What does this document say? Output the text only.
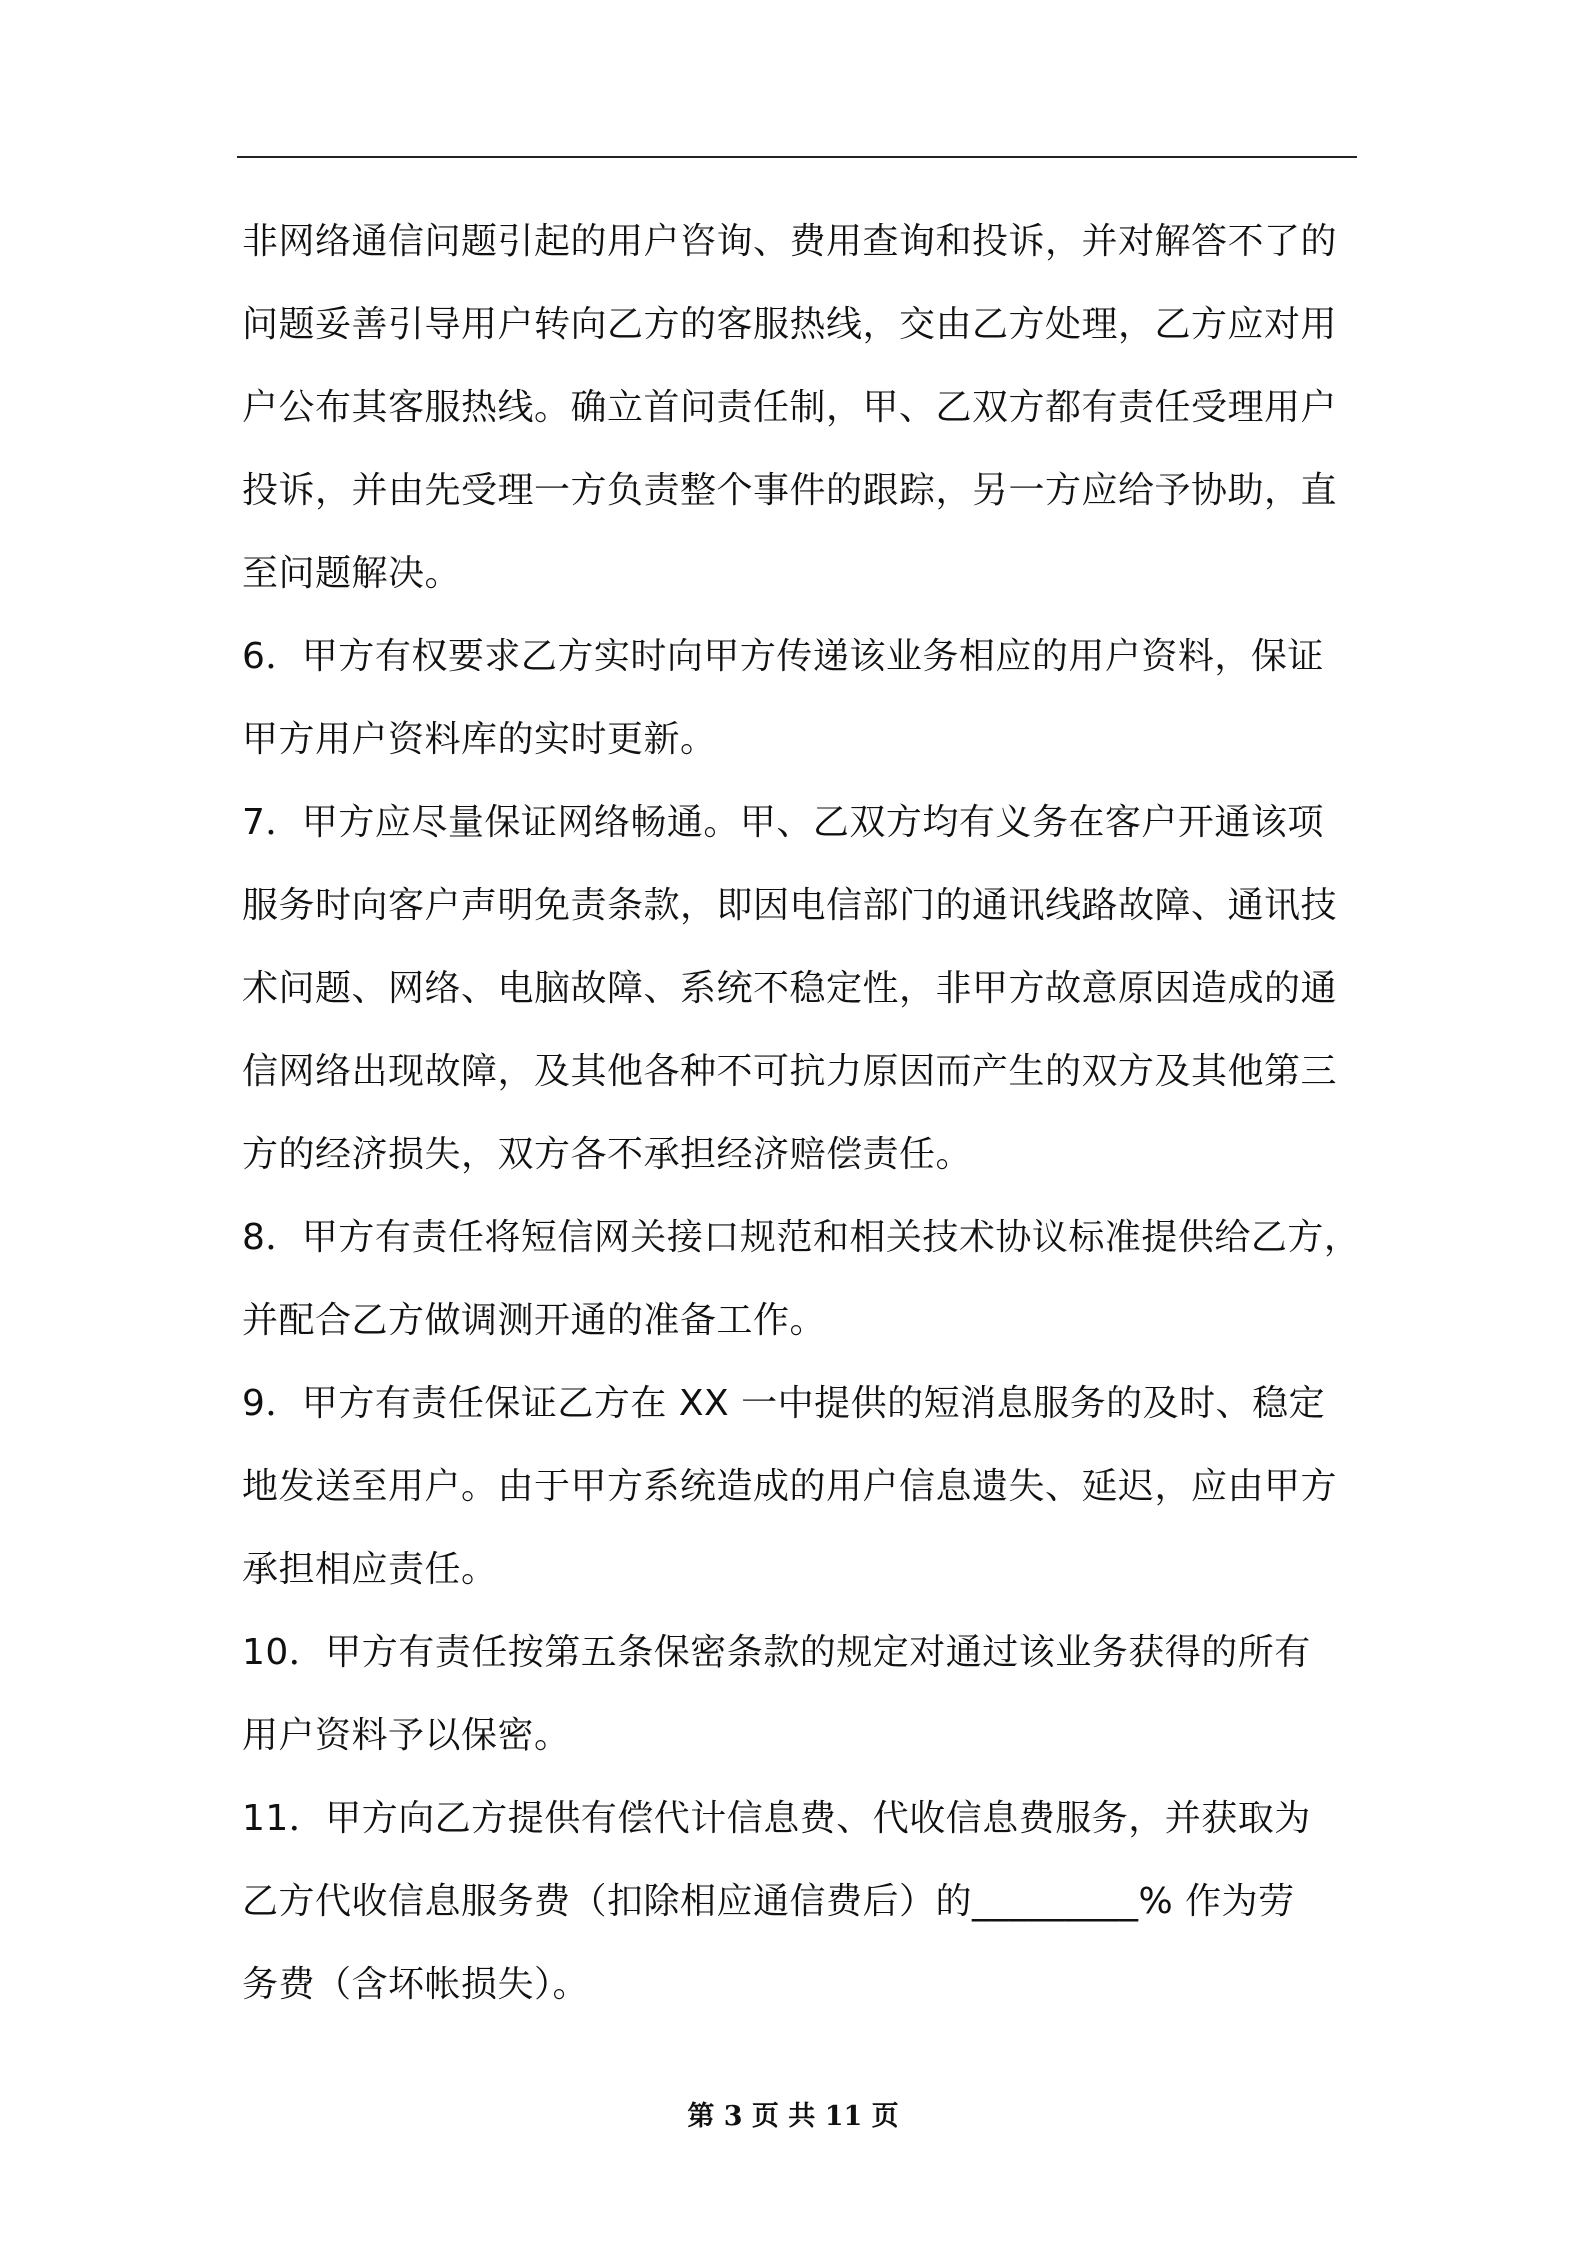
非网络通信问题引起的用户咨询、费用查询和投诉，并对解答不了的
问题妥善引导用户转向乙方的客服热线，交由乙方处理，乙方应对用
户公布其客服热线。确立首问责任制，甲、乙双方都有责任受理用户
投诉，并由先受理一方负责整个事件的跟踪，另一方应给予协助，直
至问题解决。
6．甲方有权要求乙方实时向甲方传递该业务相应的用户资料，保证
甲方用户资料库的实时更新。
7．甲方应尽量保证网络畅通。甲、乙双方均有义务在客户开通该项
服务时向客户声明免责条款，即因电信部门的通讯线路故障、通讯技
术问题、网络、电脑故障、系统不稳定性，非甲方故意原因造成的通
信网络出现故障，及其他各种不可抗力原因而产生的双方及其他第三
方的经济损失，双方各不承担经济赔偿责任。
8．甲方有责任将短信网关接口规范和相关技术协议标准提供给乙方，
并配合乙方做调测开通的准备工作。
9．甲方有责任保证乙方在 XX 一中提供的短消息服务的及时、稳定
地发送至用户。由于甲方系统造成的用户信息遗失、延迟，应由甲方
承担相应责任。
10．甲方有责任按第五条保密条款的规定对通过该业务获得的所有
用户资料予以保密。
11．甲方向乙方提供有偿代计信息费、代收信息费服务，并获取为
乙方代收信息服务费（扣除相应通信费后）的_________% 作为劳
务费（含坏帐损失）。
第 3 页 共 11 页
